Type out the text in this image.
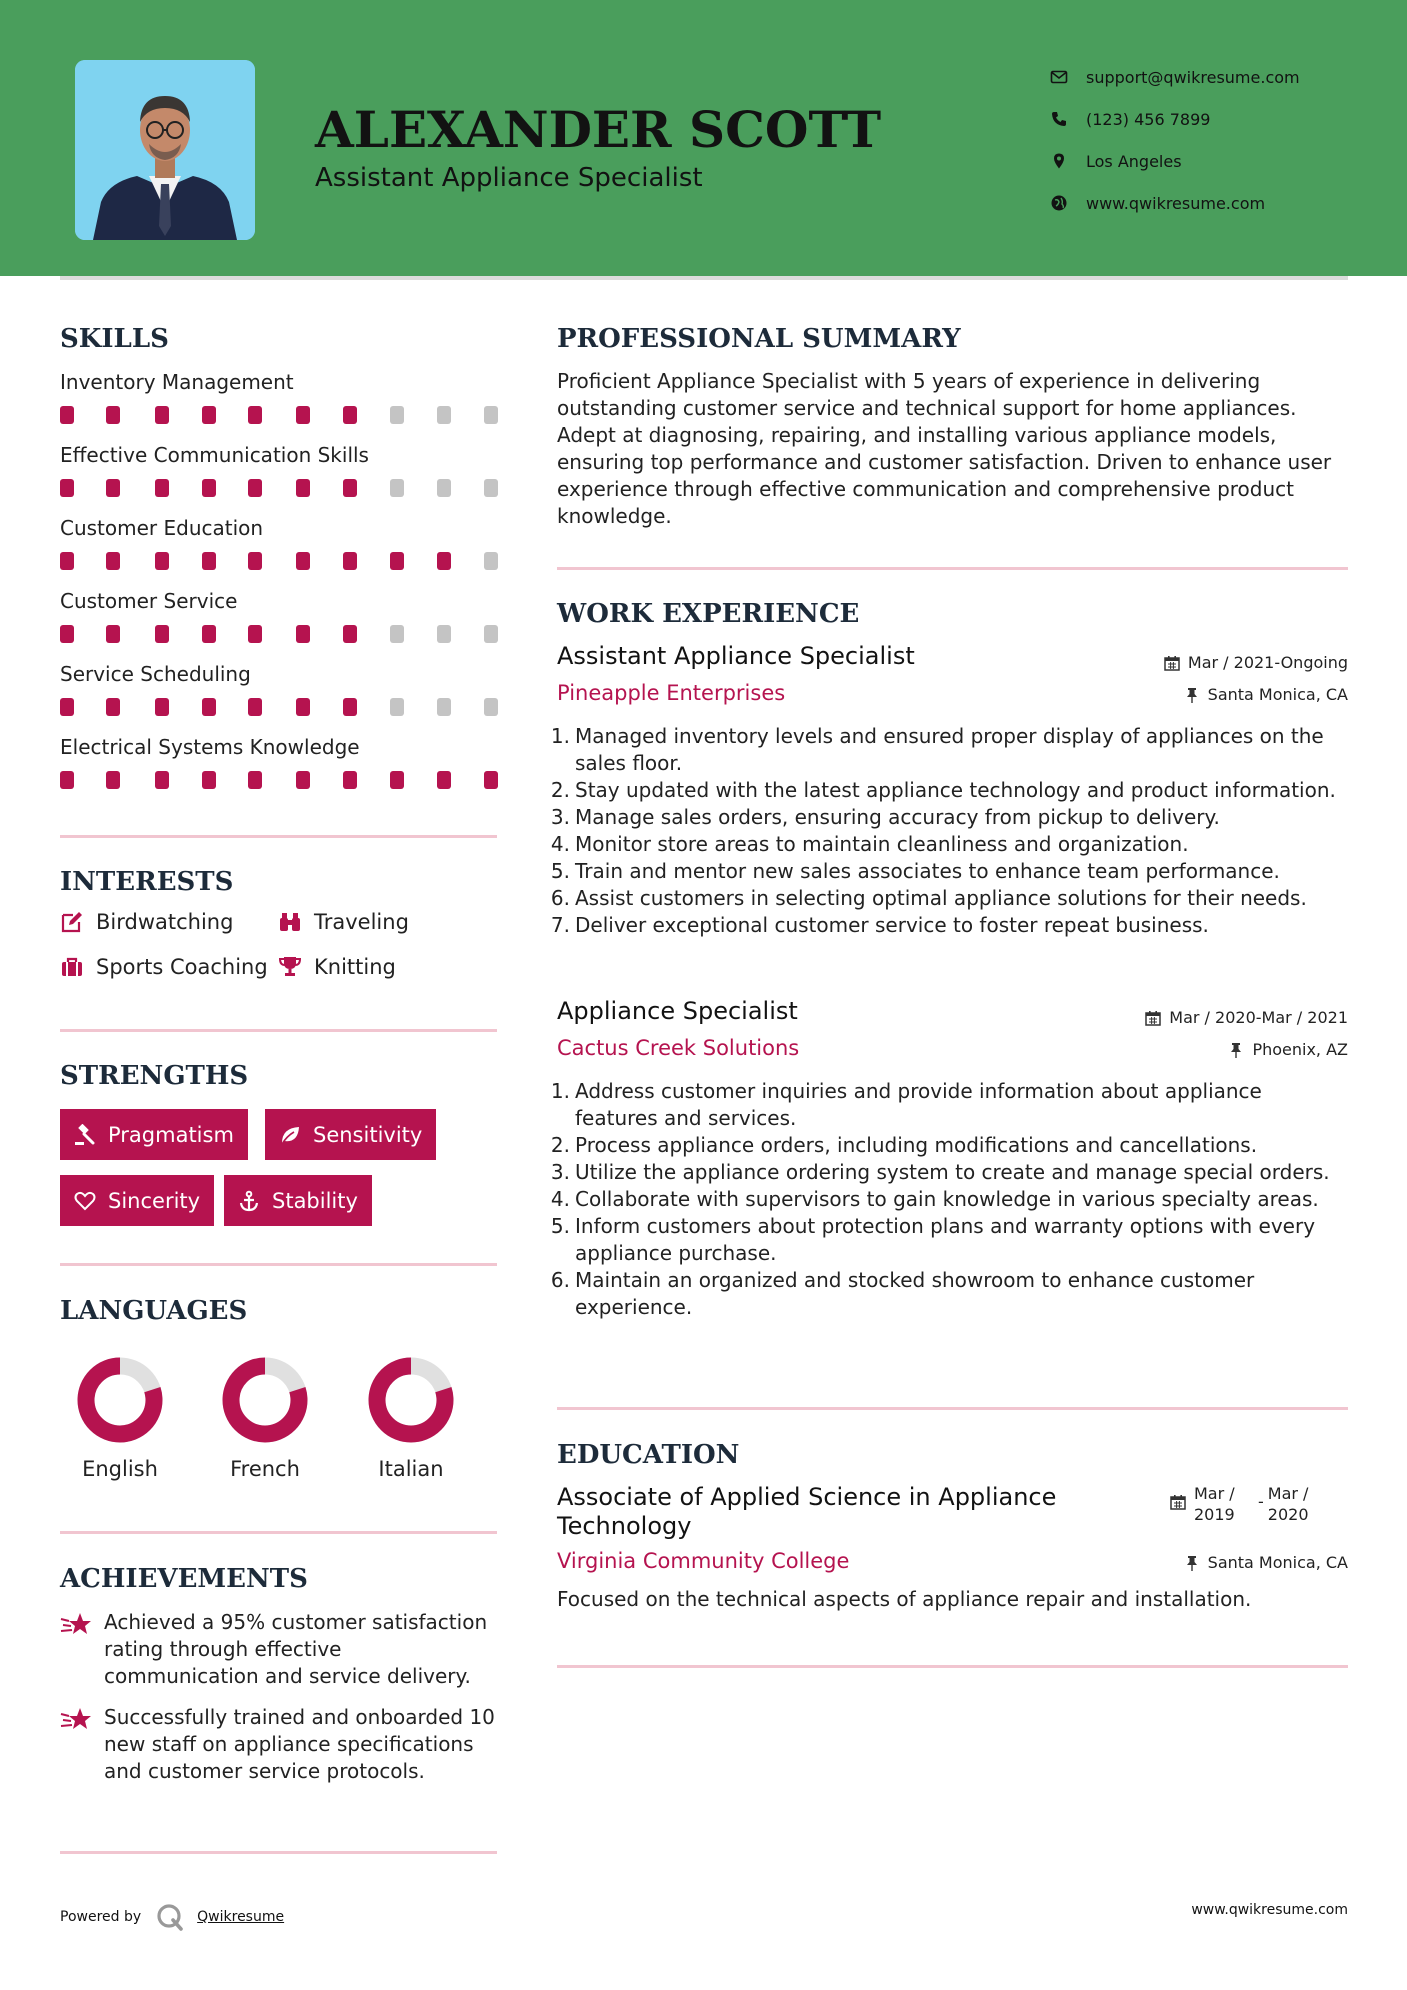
ALEXANDER SCOTT
Assistant Appliance Specialist
support@qwikresume.com
(123) 456 7899
Los Angeles
www.qwikresume.com
SKILLS
Inventory Management
Effective Communication Skills
Customer Education
Customer Service
Service Scheduling
Electrical Systems Knowledge
INTERESTS
Birdwatching	Traveling
Sports Coaching Knitting
STRENGTHS
Pragmatism	Sensitivity
Sincerity	Stability
LANGUAGES
English	French	Italian
ACHIEVEMENTS
Achieved a 95% customer satisfaction rating through effective communication and service delivery.
Successfully trained and onboarded 10 new staff on appliance specifications and customer service protocols.
PROFESSIONAL SUMMARY
Proficient Appliance Specialist with 5 years of experience in delivering outstanding customer service and technical support for home appliances. Adept at diagnosing, repairing, and installing various appliance models, ensuring top performance and customer satisfaction. Driven to enhance user experience through effective communication and comprehensive product knowledge.
WORK EXPERIENCE
Assistant Appliance Specialist	Mar / 2021-Ongoing
Pineapple Enterprises	Santa Monica, CA
1. Managed inventory levels and ensured proper display of appliances on the sales floor.
2. Stay updated with the latest appliance technology and product information.
3. Manage sales orders, ensuring accuracy from pickup to delivery.
4. Monitor store areas to maintain cleanliness and organization.
5. Train and mentor new sales associates to enhance team performance.
6. Assist customers in selecting optimal appliance solutions for their needs.
7. Deliver exceptional customer service to foster repeat business.
Appliance Specialist	Mar / 2020-Mar / 2021
Cactus Creek Solutions	Phoenix, AZ
1. Address customer inquiries and provide information about appliance features and services.
2. Process appliance orders, including modifications and cancellations.
3. Utilize the appliance ordering system to create and manage special orders.
4. Collaborate with supervisors to gain knowledge in various specialty areas.
5. Inform customers about protection plans and warranty options with every appliance purchase.
6. Maintain an organized and stocked showroom to enhance customer experience.
EDUCATION
Associate of Applied Science in Appliance Technology
Mar / 2019
- Mar / 2020
Virginia Community College	Santa Monica, CA
Focused on the technical aspects of appliance repair and installation.
Powered by	Qwikresume	www.qwikresume.com
